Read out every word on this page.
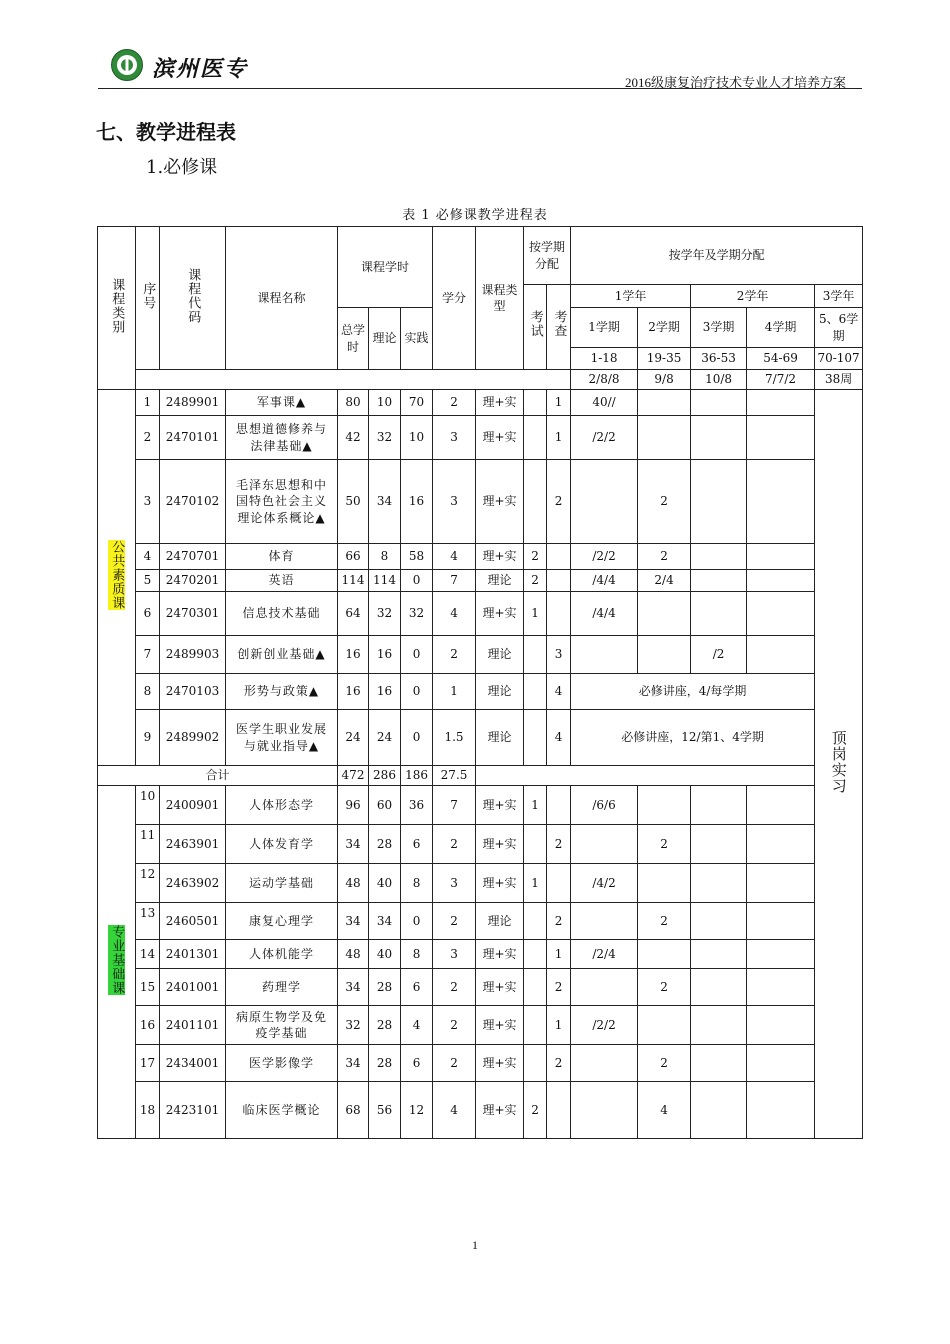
滨州医专
2016级康复治疗技术专业人才培养方案
七、教学进程表
1.必修课
表 1 必修课教学进程表
课程类别	序号	课程代码	课程名称	课程学时			学分	课程类型	按学期分配		按学年及学期分配				
									考试	考查	1学年		2学年		3学年
				总学时	理论	实践					1学期	2学期	3学期	4学期	5、6学期
											1-18	19-35	36-53	54-69	70-107
											2/8/8	9/8	10/8	7/7/2	38周
公共素质课	1	2489901	军事课▲	80	10	70	2	理+实		1	40//				顶岗实习
	2	2470101	思想道德修养与法律基础▲	42	32	10	3	理+实		1	/2/2				
	3	2470102	毛泽东思想和中国特色社会主义理论体系概论▲	50	34	16	3	理+实		2		2			
	4	2470701	体育	66	8	58	4	理+实	2		/2/2	2			
	5	2470201	英语	114	114	0	7	理论	2		/4/4	2/4			
	6	2470301	信息技术基础	64	32	32	4	理+实	1		/4/4				
	7	2489903	创新创业基础▲	16	16	0	2	理论		3			/2		
	8	2470103	形势与政策▲	16	16	0	1	理论		4	必修讲座，4/每学期				
	9	2489902	医学生职业发展与就业指导▲	24	24	0	1.5	理论		4	必修讲座，12/第1、4学期				
合计				472	286	186	27.5								
专业基础课	10	2400901	人体形态学	96	60	36	7	理+实	1		/6/6				

	11	2463901	人体发育学	34	28	6	2	理+实		2		2			

	12	2463902	运动学基础	48	40	8	3	理+实	1		/4/2				

	13	2460501	康复心理学	34	34	0	2	理论		2		2			
	14	2401301	人体机能学	48	40	8	3	理+实		1	/2/4				
	15	2401001	药理学	34	28	6	2	理+实		2		2			
	16	2401101	病原生物学及免疫学基础	32	28	4	2	理+实		1	/2/2				
	17	2434001	医学影像学	34	28	6	2	理+实		2		2			
	18	2423101	临床医学概论	68	56	12	4	理+实	2			4			
1
